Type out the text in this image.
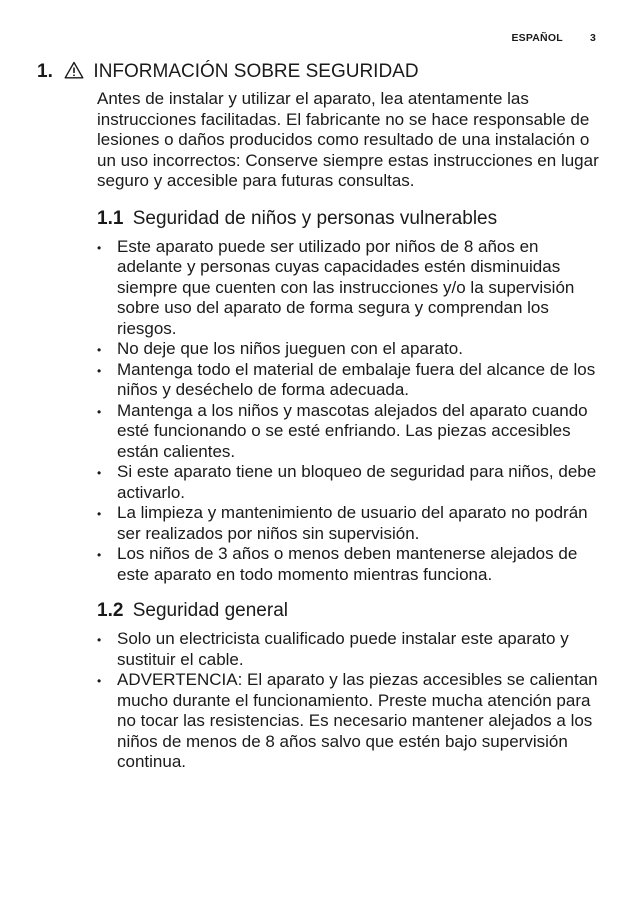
ESPAÑOL	3
1. INFORMACIÓN SOBRE SEGURIDAD

Antes de instalar y utilizar el aparato, lea atentamente las instrucciones facilitadas. El fabricante no se hace responsable de lesiones o daños producidos como resultado de una instalación o un uso incorrectos: Conserve siempre estas instrucciones en lugar seguro y accesible para futuras consultas.

1.1 Seguridad de niños y personas vulnerables
• Este aparato puede ser utilizado por niños de 8 años en adelante y personas cuyas capacidades estén disminuidas siempre que cuenten con las instrucciones y/o la supervisión sobre uso del aparato de forma segura y comprendan los riesgos.
• No deje que los niños jueguen con el aparato.
• Mantenga todo el material de embalaje fuera del alcance de los niños y deséchelo de forma adecuada.
• Mantenga a los niños y mascotas alejados del aparato cuando esté funcionando o se esté enfriando. Las piezas accesibles están calientes.
• Si este aparato tiene un bloqueo de seguridad para niños, debe activarlo.
• La limpieza y mantenimiento de usuario del aparato no podrán ser realizados por niños sin supervisión.
• Los niños de 3 años o menos deben mantenerse alejados de este aparato en todo momento mientras funciona.
1.2 Seguridad general
• Solo un electricista cualificado puede instalar este aparato y sustituir el cable.
• ADVERTENCIA: El aparato y las piezas accesibles se calientan mucho durante el funcionamiento. Preste mucha atención para no tocar las resistencias. Es necesario mantener alejados a los niños de menos de 8 años salvo que estén bajo supervisión continua.
